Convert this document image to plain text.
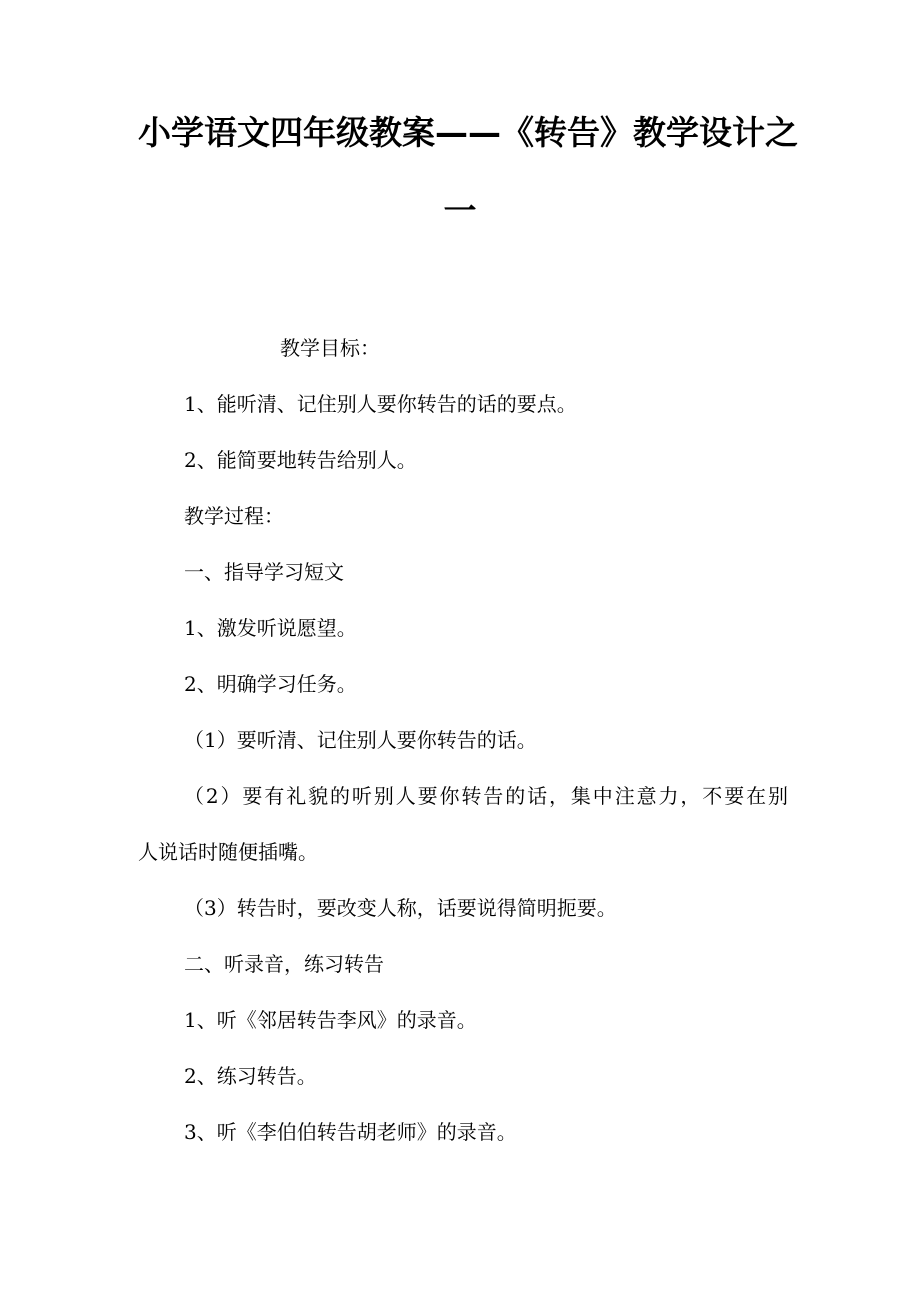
小学语文四年级教案——《转告》教学设计之
一
教学目标：
1、能听清、记住别人要你转告的话的要点。
2、能简要地转告给别人。
教学过程：
一、指导学习短文
1、激发听说愿望。
2、明确学习任务。
（1）要听清、记住别人要你转告的话。
（2）要有礼貌的听别人要你转告的话，集中注意力，不要在别
人说话时随便插嘴。
（3）转告时，要改变人称，话要说得简明扼要。
二、听录音，练习转告
1、听《邻居转告李风》的录音。
2、练习转告。
3、听《李伯伯转告胡老师》的录音。
